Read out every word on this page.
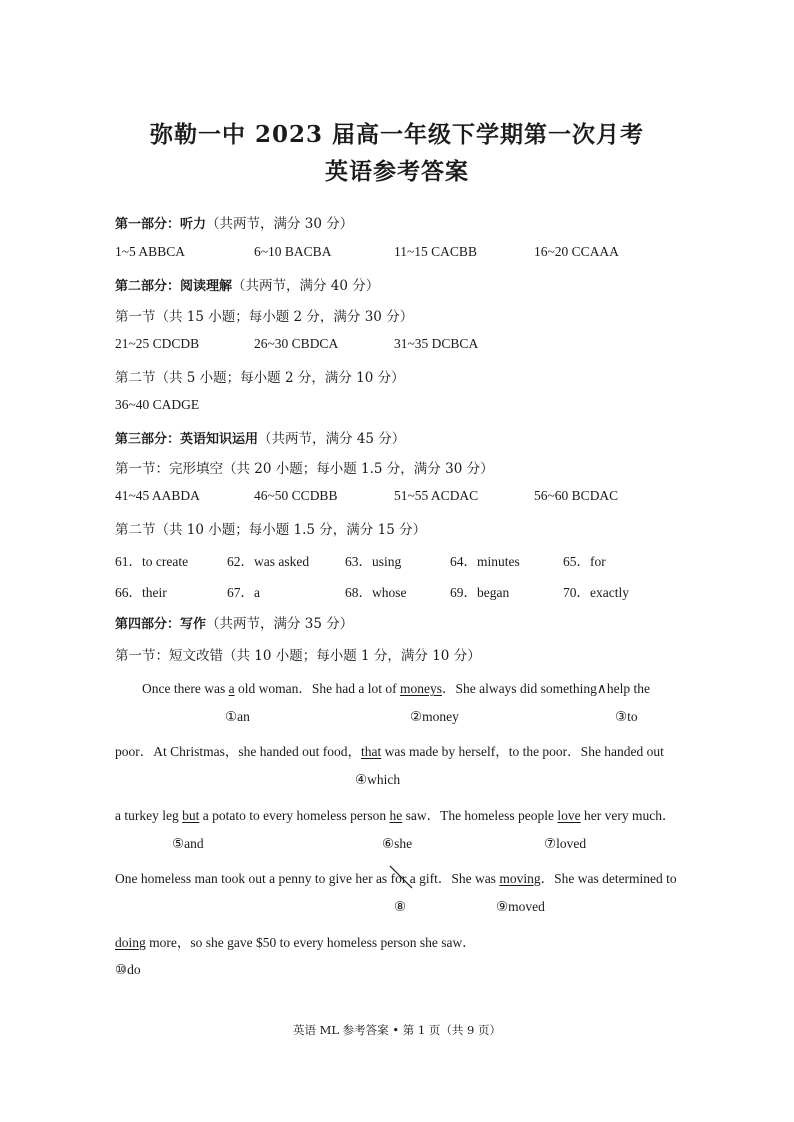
弥勒一中 2023 届高一年级下学期第一次月考
英语参考答案
第一部分：听力（共两节，满分 30 分）
1~5 ABBCA	6~10 BACBA	11~15 CACBB	16~20 CCAAA
第二部分：阅读理解（共两节，满分 40 分）
第一节（共 15 小题；每小题 2 分，满分 30 分）
21~25 CDCDB	26~30 CBDCA	31~35 DCBCA
第二节（共 5 小题；每小题 2 分，满分 10 分）
36~40 CADGE
第三部分：英语知识运用（共两节，满分 45 分）
第一节：完形填空（共 20 小题；每小题 1.5 分，满分 30 分）
41~45 AABDA	46~50 CCDBB	51~55 ACDAC	56~60 BCDAC
第二节（共 10 小题；每小题 1.5 分，满分 15 分）
61．to create	62．was asked	63．using	64．minutes	65．for
66．their	67．a	68．whose	69．began	70．exactly
第四部分：写作（共两节，满分 35 分）
第一节：短文改错（共 10 小题；每小题 1 分，满分 10 分）
Once there was a old woman．She had a lot of moneys．She always did something∧help the
①an	②money	③to
poor．At Christmas，she handed out food，that was made by herself，to the poor．She handed out
④which
a turkey leg but a potato to every homeless person he saw．The homeless people love her very much．
⑤and	⑥she	⑦loved
One homeless man took out a penny to give her as for a gift．She was moving．She was determined to
⑧	⑨moved
doing more，so she gave $50 to every homeless person she saw．
⑩do
英语 ML 参考答案 • 第 1 页（共 9 页）
